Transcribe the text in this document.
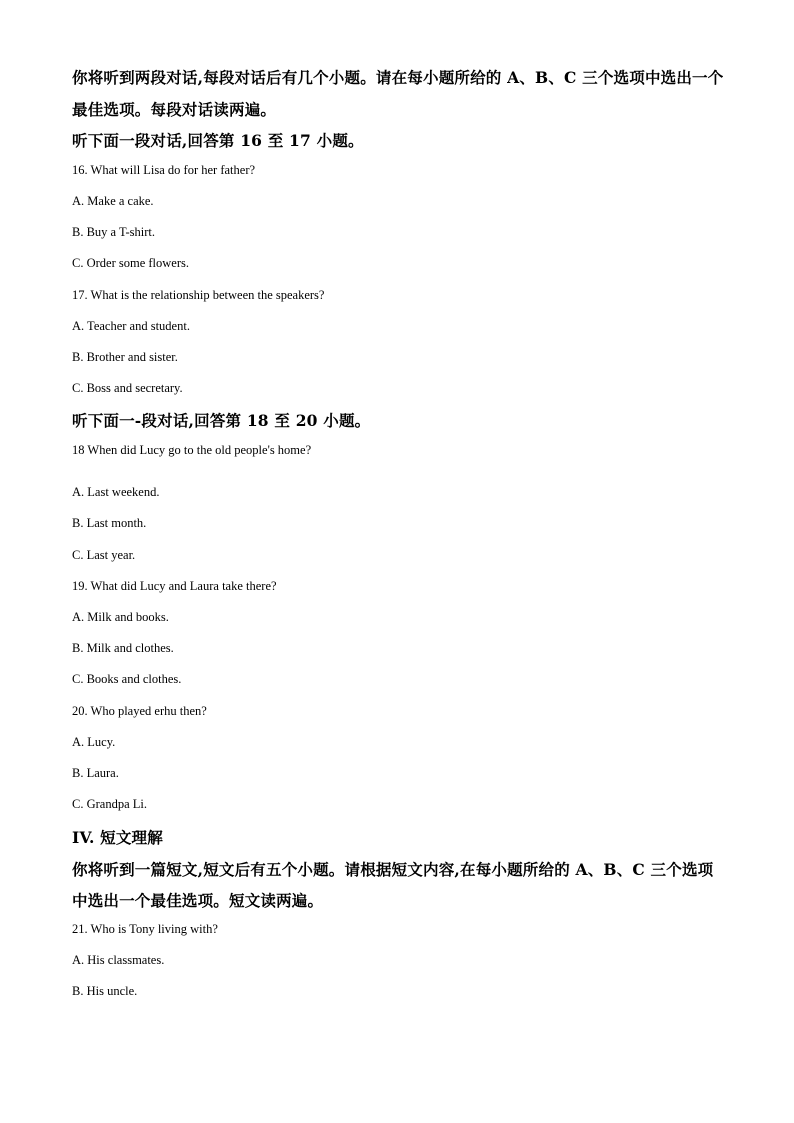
你将听到两段对话,每段对话后有几个小题。请在每小题所给的 A、B、C 三个选项中选出一个
最佳选项。每段对话读两遍。
听下面一段对话,回答第 16 至 17 小题。
16. What will Lisa do for her father?
A. Make a cake.
B. Buy a T-shirt.
C. Order some flowers.
17. What is the relationship between the speakers?
A. Teacher and student.
B. Brother and sister.
C. Boss and secretary.
听下面一-段对话,回答第 18 至 20 小题。
18 When did Lucy go to the old people's home?
A. Last weekend.
B. Last month.
C. Last year.
19. What did Lucy and Laura take there?
A. Milk and books.
B. Milk and clothes.
C. Books and clothes.
20. Who played erhu then?
A. Lucy.
B. Laura.
C. Grandpa Li.
IV. 短文理解
你将听到一篇短文,短文后有五个小题。请根据短文内容,在每小题所给的 A、B、C 三个选项
中选出一个最佳选项。短文读两遍。
21. Who is Tony living with?
A. His classmates.
B. His uncle.
